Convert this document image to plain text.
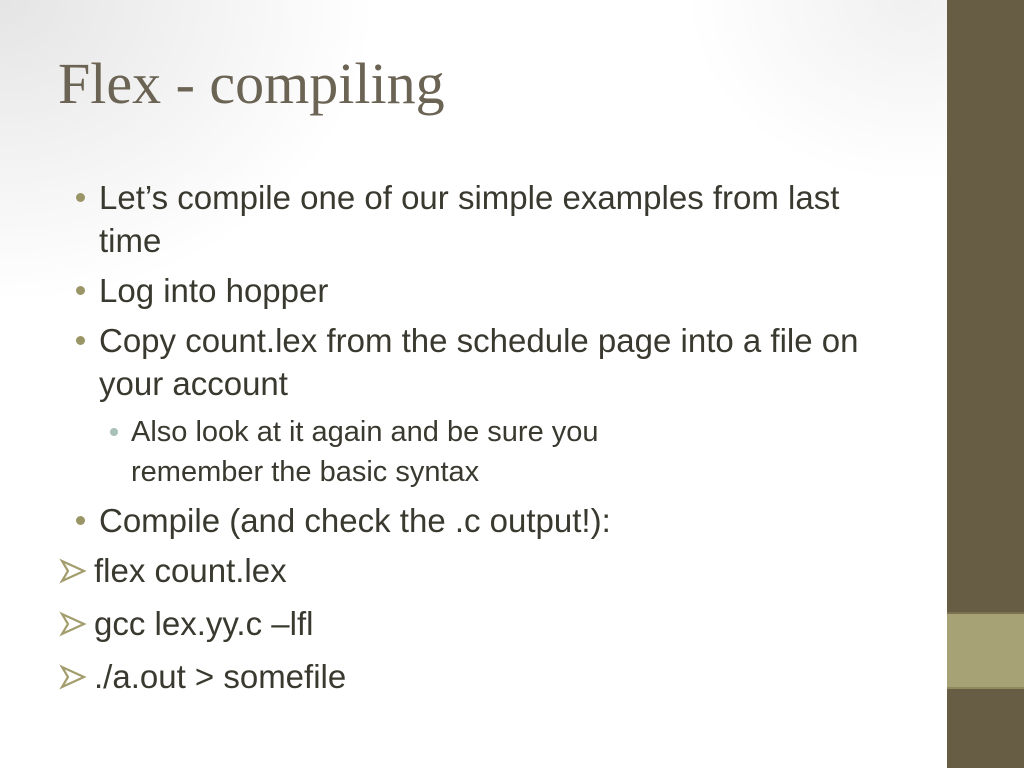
Flex - compiling
Let’s compile one of our simple examples from last time
Log into hopper
Copy count.lex from the schedule page into a file on your account
Also look at it again and be sure you remember the basic syntax
Compile (and check the .c output!):
flex count.lex
gcc lex.yy.c –lfl
./a.out > somefile
